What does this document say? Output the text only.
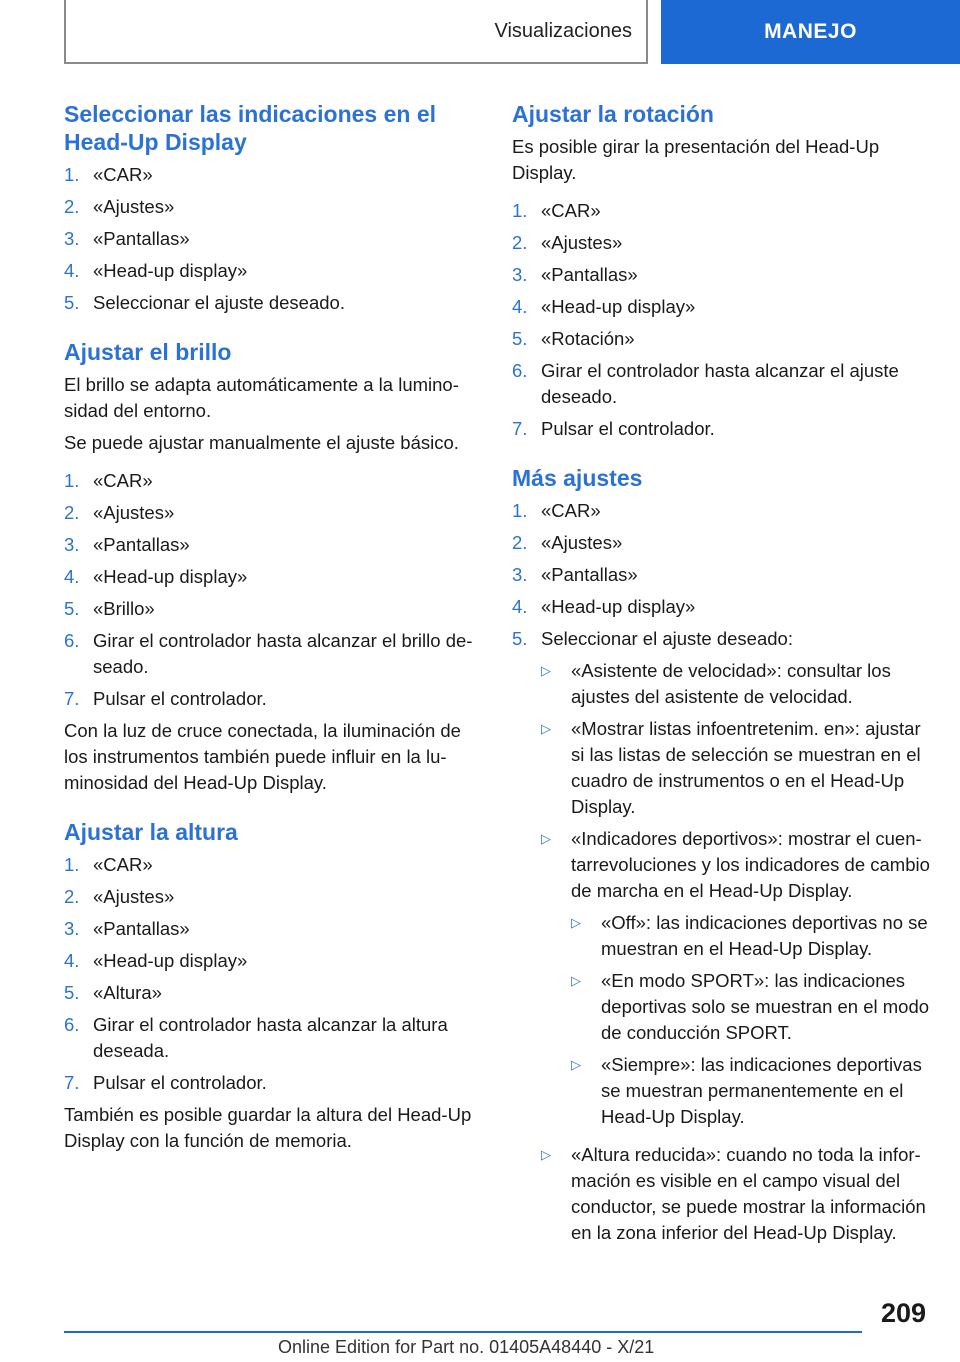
Visualizaciones	MANEJO
Seleccionar las indicaciones en el Head-Up Display
1. «CAR»
2. «Ajustes»
3. «Pantallas»
4. «Head-up display»
5. Seleccionar el ajuste deseado.
Ajustar el brillo

El brillo se adapta automáticamente a la luminosidad del entorno.

Se puede ajustar manualmente el ajuste básico.

1. «CAR»
2. «Ajustes»
3. «Pantallas»
4. «Head-up display»
5. «Brillo»
6. Girar el controlador hasta alcanzar el brillo deseado.
7. Pulsar el controlador.

Con la luz de cruce conectada, la iluminación de los instrumentos también puede influir en la luminosidad del Head-Up Display.

Ajustar la altura
1. «CAR»
2. «Ajustes»
3. «Pantallas»
4. «Head-up display»
5. «Altura»
6. Girar el controlador hasta alcanzar la altura deseada.
7. Pulsar el controlador.

También es posible guardar la altura del Head-Up Display con la función de memoria.

Ajustar la rotación

Es posible girar la presentación del Head-Up Display.

1. «CAR»
2. «Ajustes»
3. «Pantallas»
4. «Head-up display»
5. «Rotación»
6. Girar el controlador hasta alcanzar el ajuste deseado.
7. Pulsar el controlador.
Más ajustes
1. «CAR»
2. «Ajustes»
3. «Pantallas»
4. «Head-up display»
5. Seleccionar el ajuste deseado:
▷	«Asistente de velocidad»: consultar los ajustes del asistente de velocidad.
▷	«Mostrar listas infoentretenim. en»: ajustar si las listas de selección se muestran en el cuadro de instrumentos o en el Head-Up Display.
▷	«Indicadores deportivos»: mostrar el cuentarrevoluciones y los indicadores de cambio de marcha en el Head-Up Display.
▷	«Off»: las indicaciones deportivas no se muestran en el Head-Up Display.
▷	«En modo SPORT»: las indicaciones deportivas solo se muestran en el modo de conducción SPORT.
▷	«Siempre»: las indicaciones deportivas se muestran permanentemente en el Head-Up Display.
▷	«Altura reducida»: cuando no toda la información es visible en el campo visual del conductor, se puede mostrar la información en la zona inferior del Head-Up Display.
209
Online Edition for Part no. 01405A48440 - X/21
